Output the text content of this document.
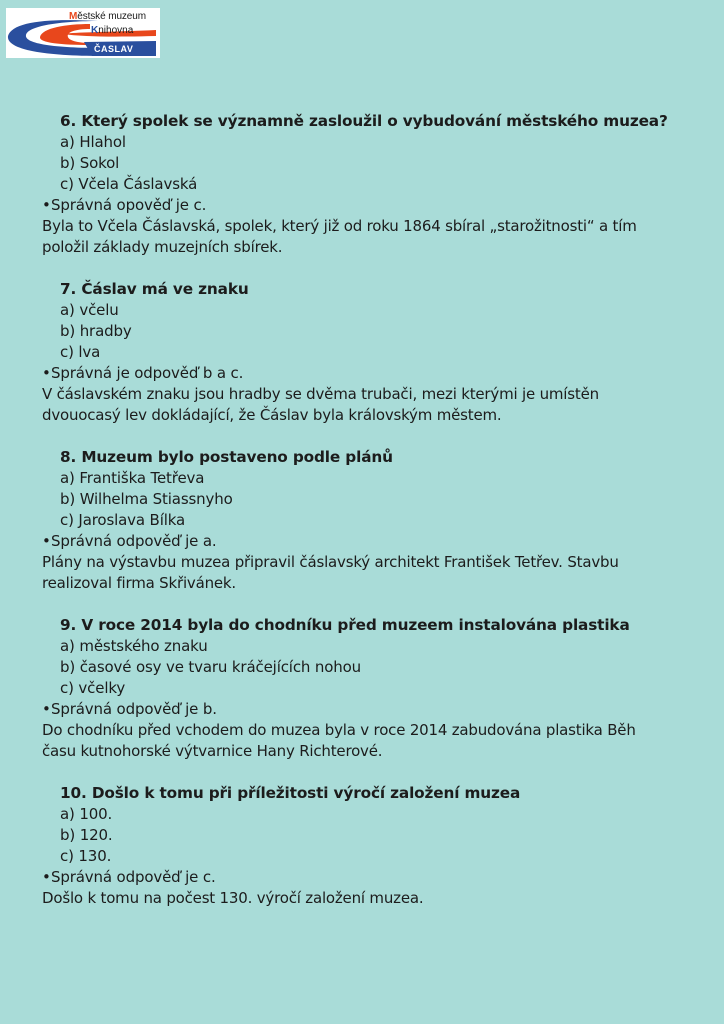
Městské muzeum
Knihovna
ČASLAV
6. Který spolek se významně zasloužil o vybudování městského muzea?
a) Hlahol
b) Sokol
c) Včela Čáslavská
•Správná opověď je c.
Byla to Včela Čáslavská, spolek, který již od roku 1864 sbíral „starožitnosti“ a tím
položil základy muzejních sbírek.
7. Čáslav má ve znaku
a) včelu
b) hradby
c) lva
•Správná je odpověď b a c.
V čáslavském znaku jsou hradby se dvěma trubači, mezi kterými je umístěn
dvouocasý lev dokládající, že Čáslav byla královským městem.
8. Muzeum bylo postaveno podle plánů
a) Františka Tetřeva
b) Wilhelma Stiassnyho
c) Jaroslava Bílka
•Správná odpověď je a.
Plány na výstavbu muzea připravil čáslavský architekt František Tetřev. Stavbu
realizoval firma Skřivánek.
9. V roce 2014 byla do chodníku před muzeem instalována plastika
a) městského znaku
b) časové osy ve tvaru kráčejících nohou
c) včelky
•Správná odpověď je b.
Do chodníku před vchodem do muzea byla v roce 2014 zabudována plastika Běh
času kutnohorské výtvarnice Hany Richterové.
10. Došlo k tomu při příležitosti výročí založení muzea
a) 100.
b) 120.
c) 130.
•Správná odpověď je c.
Došlo k tomu na počest 130. výročí založení muzea.
